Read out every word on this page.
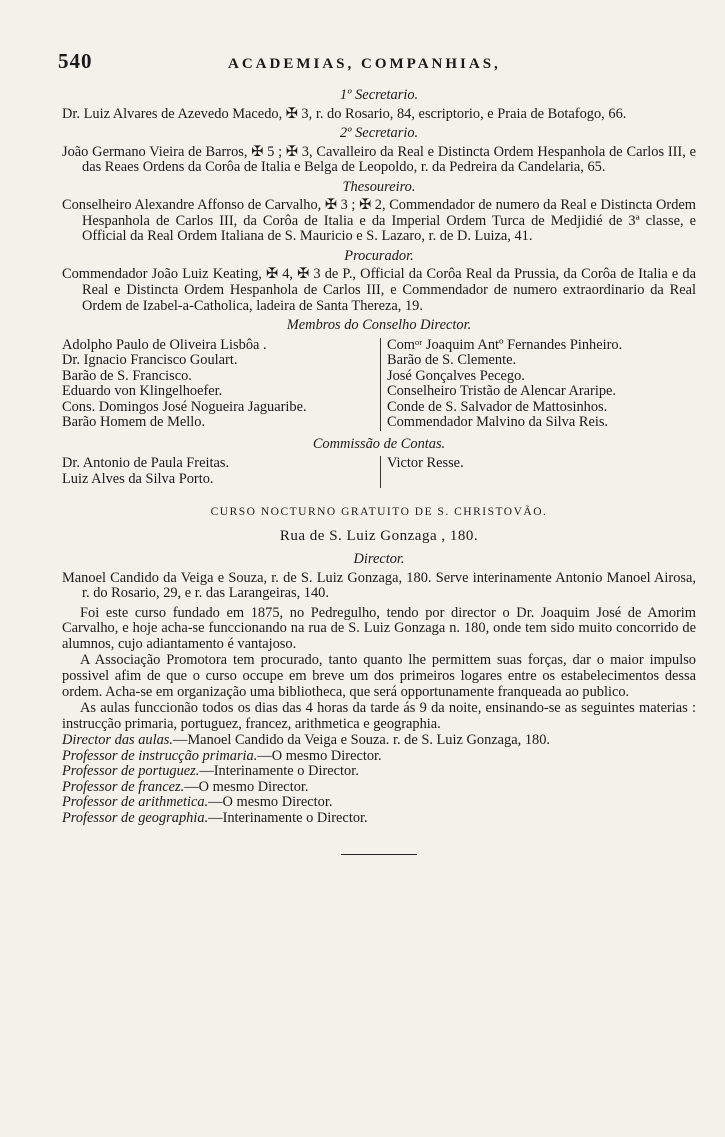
540	ACADEMIAS, COMPANHIAS,
1º Secretario.

Dr. Luiz Alvares de Azevedo Macedo, ✠ 3, r. do Rosario, 84, escriptorio, e Praia de Botafogo, 66.

2º Secretario.

João Germano Vieira de Barros, ✠ 5 ; ✠ 3, Cavalleiro da Real e Distincta Ordem Hespanhola de Carlos III, e das Reaes Ordens da Corôa de Italia e Belga de Leopoldo, r. da Pedreira da Candelaria, 65.

Thesoureiro.

Conselheiro Alexandre Affonso de Carvalho, ✠ 3 ; ✠ 2, Commendador de numero da Real e Distincta Ordem Hespanhola de Carlos III, da Corôa de Italia e da Imperial Ordem Turca de Medjidié de 3ª classe, e Official da Real Ordem Italiana de S. Mauricio e S. Lazaro, r. de D. Luiza, 41.

Procurador.

Commendador João Luiz Keating, ✠ 4, ✠ 3 de P., Official da Corôa Real da Prussia, da Corôa de Italia e da Real e Distincta Ordem Hespanhola de Carlos III, e Commendador de numero extraordinario da Real Ordem de Izabel-a-Catholica, ladeira de Santa Thereza, 19.

Membros do Conselho Director.
Adolpho Paulo de Oliveira Lisbôa .
Dr. Ignacio Francisco Goulart.
Barão de S. Francisco.
Eduardo von Klingelhoefer.
Cons. Domingos José Nogueira Jaguaribe.
Barão Homem de Mello.
Comᵒʳ Joaquim Antº Fernandes Pinheiro.
Barão de S. Clemente.
José Gonçalves Pecego.
Conselheiro Tristão de Alencar Araripe.
Conde de S. Salvador de Mattosinhos.
Commendador Malvino da Silva Reis.
Commissão de Contas.
Dr. Antonio de Paula Freitas.
Luiz Alves da Silva Porto.
Victor Resse.

CURSO NOCTURNO GRATUITO DE S. CHRISTOVÃO.
Rua de S. Luiz Gonzaga , 180.
Director.

Manoel Candido da Veiga e Souza, r. de S. Luiz Gonzaga, 180. Serve interinamente Antonio Manoel Airosa, r. do Rosario, 29, e r. das Larangeiras, 140.

Foi este curso fundado em 1875, no Pedregulho, tendo por director o Dr. Joaquim José de Amorim Carvalho, e hoje acha-se funccionando na rua de S. Luiz Gonzaga n. 180, onde tem sido muito concorrido de alumnos, cujo adiantamento é vantajoso.

A Associação Promotora tem procurado, tanto quanto lhe permittem suas forças, dar o maior impulso possivel afim de que o curso occupe em breve um dos primeiros logares entre os estabelecimentos dessa ordem. Acha-se em organização uma bibliotheca, que será opportunamente franqueada ao publico.

As aulas funccionão todos os dias das 4 horas da tarde ás 9 da noite, ensinando-se as seguintes materias : instrucção primaria, portuguez, francez, arithmetica e geographia.

Director das aulas.—Manoel Candido da Veiga e Souza. r. de S. Luiz Gonzaga, 180.

Professor de instrucção primaria.—O mesmo Director.

Professor de portuguez.—Interinamente o Director.

Professor de francez.—O mesmo Director.

Professor de arithmetica.—O mesmo Director.

Professor de geographia.—Interinamente o Director.
